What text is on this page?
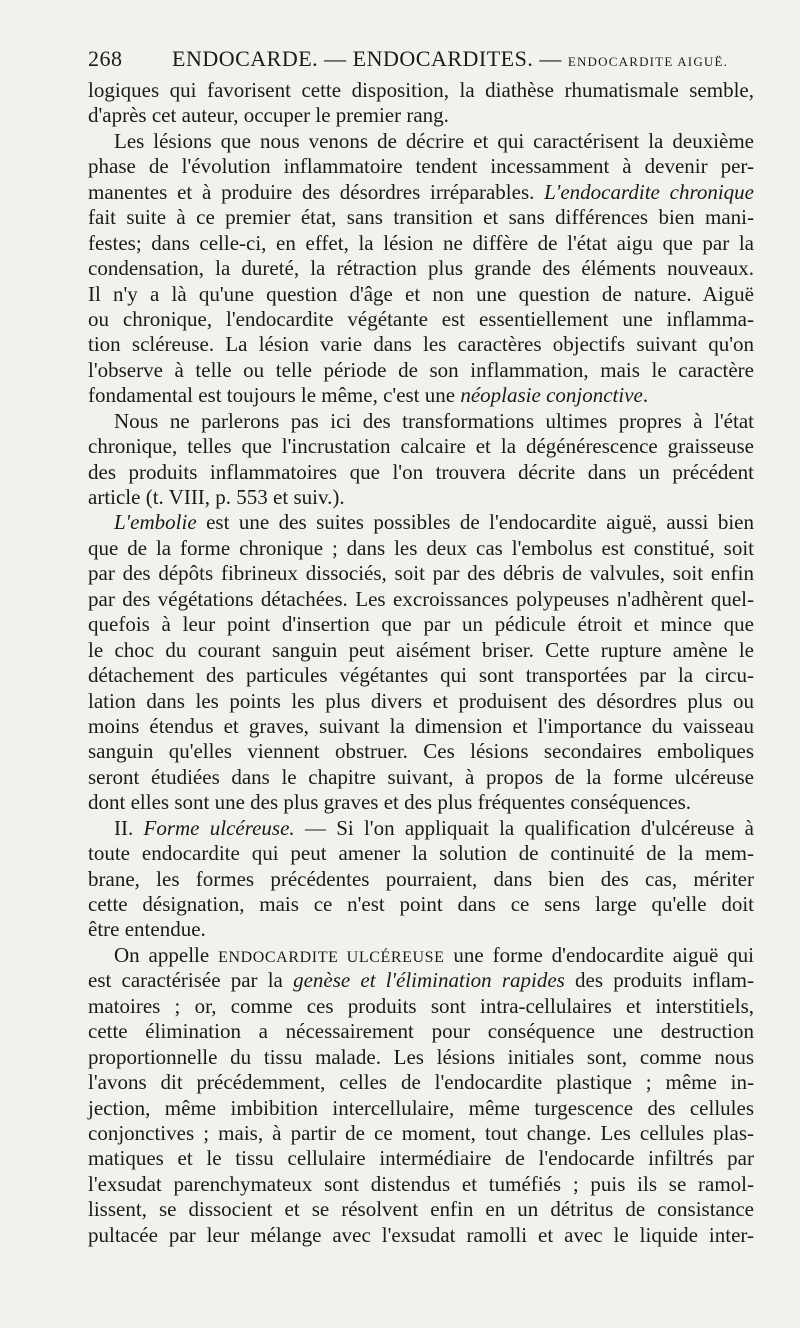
268 ENDOCARDE. — ENDOCARDITES. — ENDOCARDITE AIGUË.
logiques qui favorisent cette disposition, la diathèse rhumatismale semble,
d'après cet auteur, occuper le premier rang.
Les lésions que nous venons de décrire et qui caractérisent la deuxième
phase de l'évolution inflammatoire tendent incessamment à devenir per-
manentes et à produire des désordres irréparables. L'endocardite chronique
fait suite à ce premier état, sans transition et sans différences bien mani-
festes; dans celle-ci, en effet, la lésion ne diffère de l'état aigu que par la
condensation, la dureté, la rétraction plus grande des éléments nouveaux.
Il n'y a là qu'une question d'âge et non une question de nature. Aiguë
ou chronique, l'endocardite végétante est essentiellement une inflamma-
tion scléreuse. La lésion varie dans les caractères objectifs suivant qu'on
l'observe à telle ou telle période de son inflammation, mais le caractère
fondamental est toujours le même, c'est une néoplasie conjonctive.
Nous ne parlerons pas ici des transformations ultimes propres à l'état
chronique, telles que l'incrustation calcaire et la dégénérescence graisseuse
des produits inflammatoires que l'on trouvera décrite dans un précédent
article (t. VIII, p. 553 et suiv.).
L'embolie est une des suites possibles de l'endocardite aiguë, aussi bien
que de la forme chronique ; dans les deux cas l'embolus est constitué, soit
par des dépôts fibrineux dissociés, soit par des débris de valvules, soit enfin
par des végétations détachées. Les excroissances polypeuses n'adhèrent quel-
quefois à leur point d'insertion que par un pédicule étroit et mince que
le choc du courant sanguin peut aisément briser. Cette rupture amène le
détachement des particules végétantes qui sont transportées par la circu-
lation dans les points les plus divers et produisent des désordres plus ou
moins étendus et graves, suivant la dimension et l'importance du vaisseau
sanguin qu'elles viennent obstruer. Ces lésions secondaires emboliques
seront étudiées dans le chapitre suivant, à propos de la forme ulcéreuse
dont elles sont une des plus graves et des plus fréquentes conséquences.
II. Forme ulcéreuse. — Si l'on appliquait la qualification d'ulcéreuse à
toute endocardite qui peut amener la solution de continuité de la mem-
brane, les formes précédentes pourraient, dans bien des cas, mériter
cette désignation, mais ce n'est point dans ce sens large qu'elle doit
être entendue.
On appelle ENDOCARDITE ULCÉREUSE une forme d'endocardite aiguë qui
est caractérisée par la genèse et l'élimination rapides des produits inflam-
matoires ; or, comme ces produits sont intra-cellulaires et interstitiels,
cette élimination a nécessairement pour conséquence une destruction
proportionnelle du tissu malade. Les lésions initiales sont, comme nous
l'avons dit précédemment, celles de l'endocardite plastique ; même in-
jection, même imbibition intercellulaire, même turgescence des cellules
conjonctives ; mais, à partir de ce moment, tout change. Les cellules plas-
matiques et le tissu cellulaire intermédiaire de l'endocarde infiltrés par
l'exsudat parenchymateux sont distendus et tuméfiés ; puis ils se ramol-
lissent, se dissocient et se résolvent enfin en un détritus de consistance
pultacée par leur mélange avec l'exsudat ramolli et avec le liquide inter-
